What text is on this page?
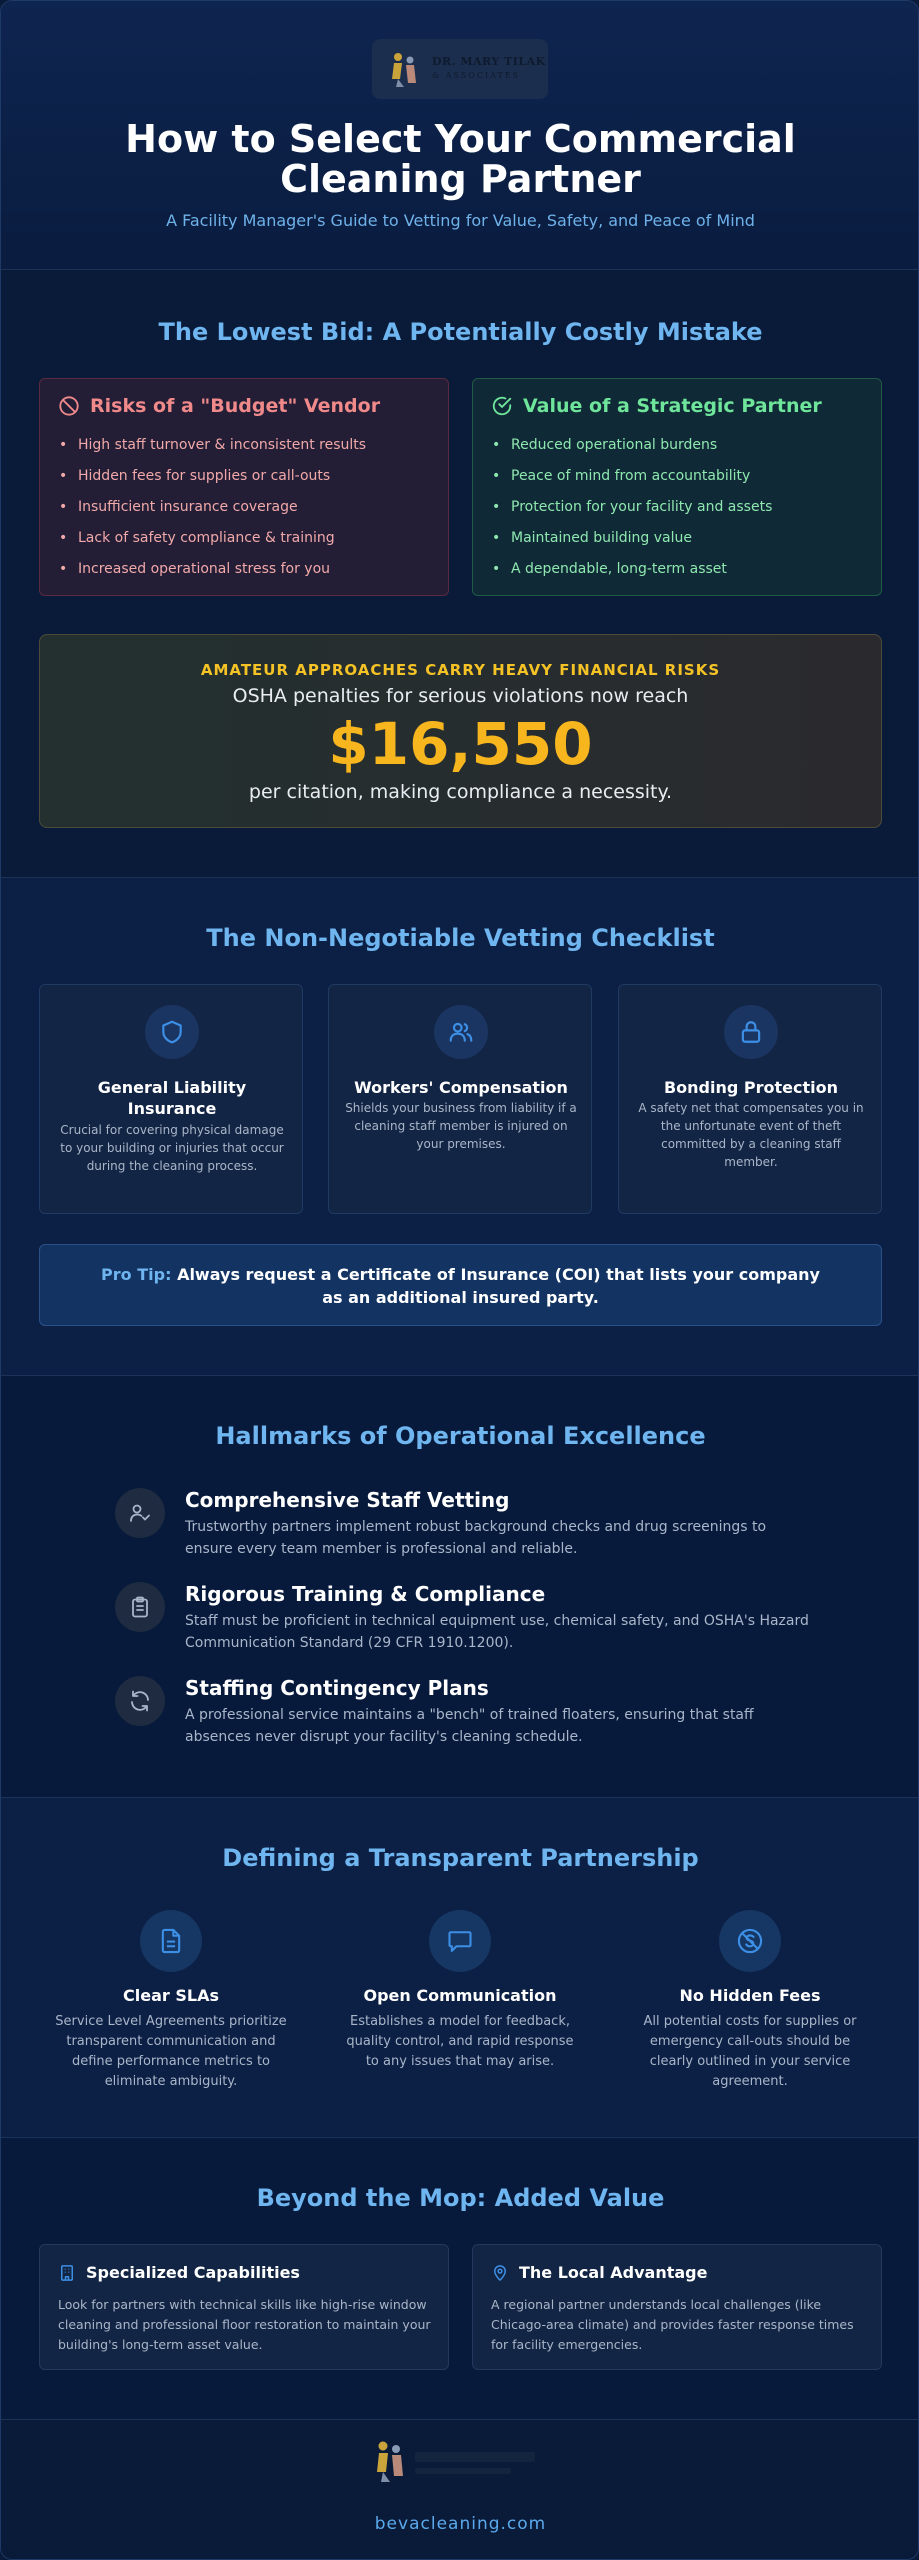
DR. MARY TILAK
& ASSOCIATES
How to Select Your Commercial Cleaning Partner
A Facility Manager's Guide to Vetting for Value, Safety, and Peace of Mind
The Lowest Bid: A Potentially Costly Mistake
Risks of a "Budget" Vendor
• High staff turnover & inconsistent results
• Hidden fees for supplies or call-outs
• Insufficient insurance coverage
• Lack of safety compliance & training
• Increased operational stress for you
Value of a Strategic Partner
• Reduced operational burdens
• Peace of mind from accountability
• Protection for your facility and assets
• Maintained building value
• A dependable, long-term asset
AMATEUR APPROACHES CARRY HEAVY FINANCIAL RISKS
OSHA penalties for serious violations now reach
$16,550
per citation, making compliance a necessity.
The Non-Negotiable Vetting Checklist
General Liability Insurance
Crucial for covering physical damage to your building or injuries that occur during the cleaning process.
Workers' Compensation
Shields your business from liability if a cleaning staff member is injured on your premises.
Bonding Protection
A safety net that compensates you in the unfortunate event of theft committed by a cleaning staff member.
Pro Tip: Always request a Certificate of Insurance (COI) that lists your company as an additional insured party.
Hallmarks of Operational Excellence
Comprehensive Staff Vetting
Trustworthy partners implement robust background checks and drug screenings to ensure every team member is professional and reliable.
Rigorous Training & Compliance
Staff must be proficient in technical equipment use, chemical safety, and OSHA's Hazard Communication Standard (29 CFR 1910.1200).
Staffing Contingency Plans
A professional service maintains a "bench" of trained floaters, ensuring that staff absences never disrupt your facility's cleaning schedule.
Defining a Transparent Partnership
Clear SLAs
Service Level Agreements prioritize transparent communication and define performance metrics to eliminate ambiguity.
Open Communication
Establishes a model for feedback, quality control, and rapid response to any issues that may arise.
No Hidden Fees
All potential costs for supplies or emergency call-outs should be clearly outlined in your service agreement.
Beyond the Mop: Added Value
Specialized Capabilities
Look for partners with technical skills like high-rise window cleaning and professional floor restoration to maintain your building's long-term asset value.
The Local Advantage
A regional partner understands local challenges (like Chicago-area climate) and provides faster response times for facility emergencies.
bevacleaning.com
